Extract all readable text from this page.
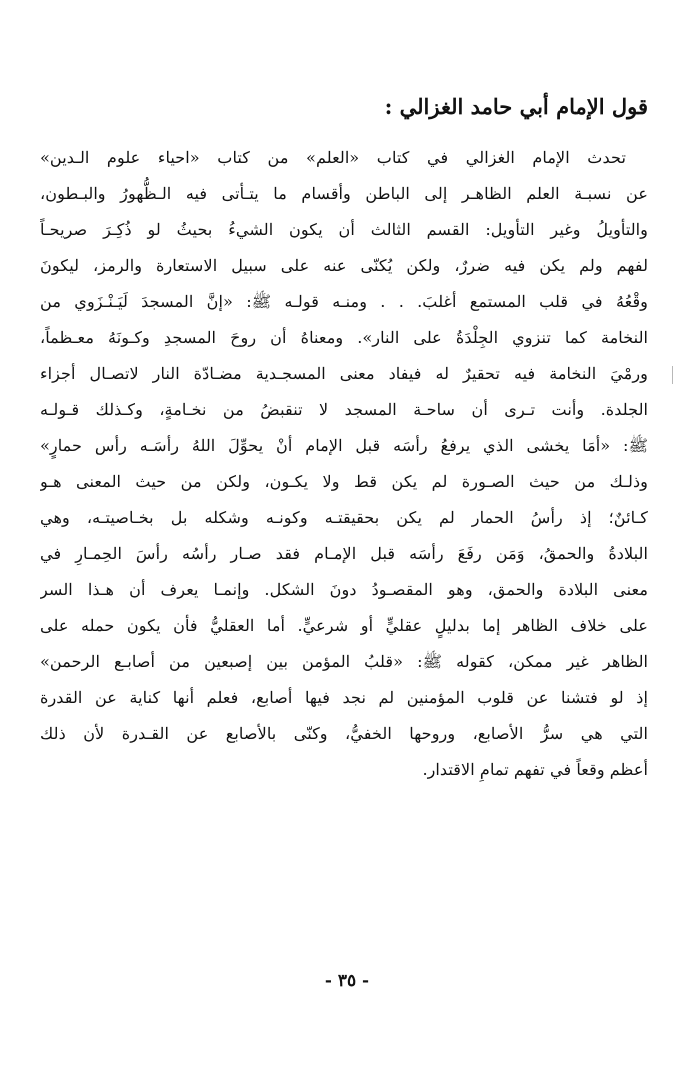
قول الإمام أبي حامد الغزالي :
تحدث الإمام الغزالي في كتاب «العلم» من كتاب «احياء علوم الـدين»
عن نسبـة العلم الظاهـر إلى الباطن وأقسام ما يتـأتى فيه الـظُّهورُ والبـطون،
والتأويلُ وغير التأويل: القسم الثالث أن يكون الشيءُ بحيثُ لو ذُكِـرَ صريحـاً
لفهم ولم يكن فيه ضررٌ، ولكن يُكنّى عنه على سبيل الاستعارة والرمز، ليكونَ
وقْعُهُ في قلب المستمع أغلبَ. . . ومنـه قولـه ﷺ: «إنَّ المسجدَ لَيَـنْـزَوي من
النخامة كما تنزوي الجِلْدَةُ على النار». ومعناهُ أن روحَ المسجدِ وكـونَهُ معـظماً،
ورمْيَ النخامة فيه تحقيرٌ له فيفاد معنى المسجـدية مضـادّة النار لاتصـال أجزاء
الجلدة. وأنت تـرى أن ساحـة المسجد لا تنقبضُ من نخـامةٍ، وكـذلك قـولـه
ﷺ: «أمَا يخشى الذي يرفعُ رأسَه قبل الإمام أنْ يحوِّلَ اللهُ رأسَـه رأس حمارٍ»
وذلـك من حيث الصـورة لم يكن قط ولا يكـون، ولكن من حيث المعنى هـو
كـائنٌ؛ إذ رأسُ الحمار لم يكن بحقيقتـه وكونـه وشكله بل بخـاصيتـه، وهي
البلادةُ والحمقُ، وَمَن رفَعَ رأسَه قبل الإمـام فقد صـار رأسُه رأسَ الحِمـارِ في
معنى البلادة والحمق، وهو المقصـودُ دونَ الشكل. وإنمـا يعرف أن هـذا السر
على خلاف الظاهر إما بدليلٍ عقليٍّ أو شرعيٍّ. أما العقليُّ فأن يكون حمله على
الظاهر غير ممكن، كقوله ﷺ: «قلبُ المؤمن بين إصبعين من أصابـع الرحمن»
إذ لو فتشنا عن قلوب المؤمنين لم نجد فيها أصابع، فعلم أنها كناية عن القدرة
التي هي سرُّ الأصابع، وروحها الخفيُّ، وكنّى بالأصابع عن القـدرة لأن ذلك
أعظم وقعاً في تفهم تمامِ الاقتدار.
- ٣٥ -
